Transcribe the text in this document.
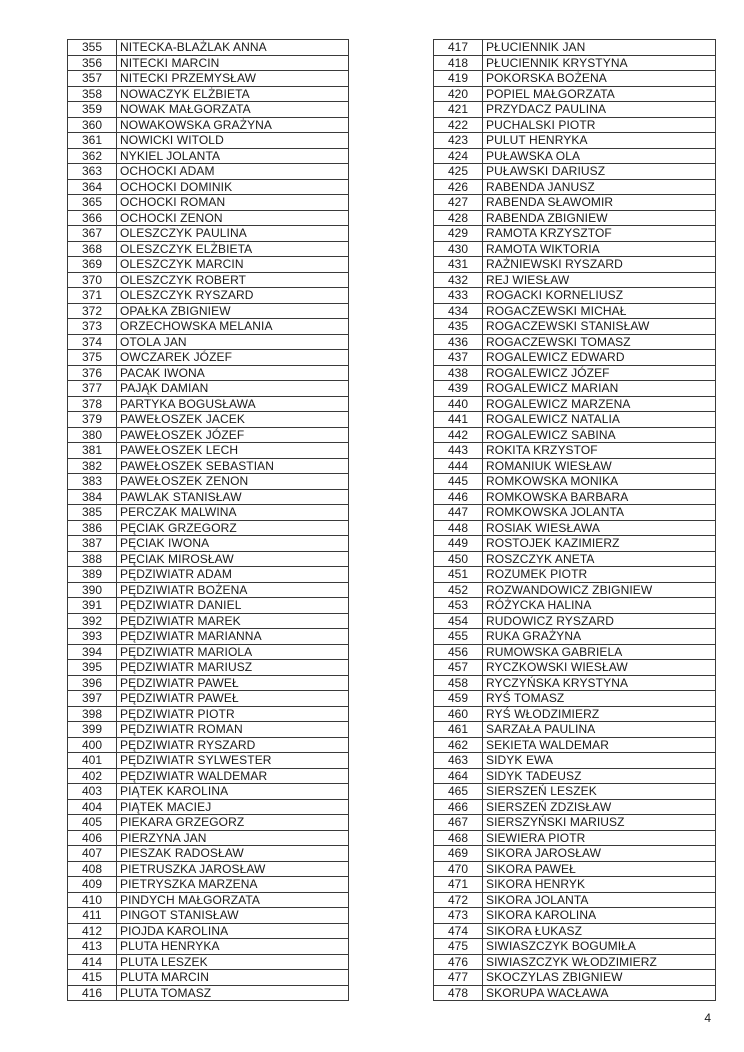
355	NITECKA-BLAŻLAK ANNA
356	NITECKI MARCIN
357	NITECKI PRZEMYSŁAW
358	NOWACZYK ELŻBIETA
359	NOWAK MAŁGORZATA
360	NOWAKOWSKA GRAŻYNA
361	NOWICKI WITOLD
362	NYKIEL JOLANTA
363	OCHOCKI ADAM
364	OCHOCKI DOMINIK
365	OCHOCKI ROMAN
366	OCHOCKI ZENON
367	OLESZCZYK PAULINA
368	OLESZCZYK ELŻBIETA
369	OLESZCZYK MARCIN
370	OLESZCZYK ROBERT
371	OLESZCZYK RYSZARD
372	OPAŁKA ZBIGNIEW
373	ORZECHOWSKA MELANIA
374	OTOLA JAN
375	OWCZAREK JÓZEF
376	PACAK IWONA
377	PAJĄK DAMIAN
378	PARTYKA BOGUSŁAWA
379	PAWEŁOSZEK JACEK
380	PAWEŁOSZEK JÓZEF
381	PAWEŁOSZEK LECH
382	PAWEŁOSZEK SEBASTIAN
383	PAWEŁOSZEK ZENON
384	PAWLAK STANISŁAW
385	PERCZAK MALWINA
386	PĘCIAK GRZEGORZ
387	PĘCIAK IWONA
388	PĘCIAK MIROSŁAW
389	PĘDZIWIATR ADAM
390	PĘDZIWIATR BOŻENA
391	PĘDZIWIATR DANIEL
392	PĘDZIWIATR MAREK
393	PĘDZIWIATR MARIANNA
394	PĘDZIWIATR MARIOLA
395	PĘDZIWIATR MARIUSZ
396	PĘDZIWIATR PAWEŁ
397	PĘDZIWIATR PAWEŁ
398	PĘDZIWIATR PIOTR
399	PĘDZIWIATR ROMAN
400	PĘDZIWIATR RYSZARD
401	PĘDZIWIATR SYLWESTER
402	PĘDZIWIATR WALDEMAR
403	PIĄTEK KAROLINA
404	PIĄTEK MACIEJ
405	PIEKARA GRZEGORZ
406	PIERZYNA JAN
407	PIESZAK RADOSŁAW
408	PIETRUSZKA JAROSŁAW
409	PIETRYSZKA MARZENA
410	PINDYCH MAŁGORZATA
411	PINGOT STANISŁAW
412	PIOJDA KAROLINA
413	PLUTA HENRYKA
414	PLUTA LESZEK
415	PLUTA MARCIN
416	PLUTA TOMASZ
417	PŁUCIENNIK JAN
418	PŁUCIENNIK KRYSTYNA
419	POKORSKA BOŻENA
420	POPIEL MAŁGORZATA
421	PRZYDACZ PAULINA
422	PUCHALSKI PIOTR
423	PULUT HENRYKA
424	PUŁAWSKA OLA
425	PUŁAWSKI DARIUSZ
426	RABENDA JANUSZ
427	RABENDA SŁAWOMIR
428	RABENDA ZBIGNIEW
429	RAMOTA KRZYSZTOF
430	RAMOTA WIKTORIA
431	RAŻNIEWSKI RYSZARD
432	REJ WIESŁAW
433	ROGACKI KORNELIUSZ
434	ROGACZEWSKI MICHAŁ
435	ROGACZEWSKI STANISŁAW
436	ROGACZEWSKI TOMASZ
437	ROGALEWICZ EDWARD
438	ROGALEWICZ JÓZEF
439	ROGALEWICZ MARIAN
440	ROGALEWICZ MARZENA
441	ROGALEWICZ NATALIA
442	ROGALEWICZ SABINA
443	ROKITA KRZYSTOF
444	ROMANIUK WIESŁAW
445	ROMKOWSKA MONIKA
446	ROMKOWSKA BARBARA
447	ROMKOWSKA JOLANTA
448	ROSIAK WIESŁAWA
449	ROSTOJEK KAZIMIERZ
450	ROSZCZYK ANETA
451	ROZUMEK PIOTR
452	ROZWANDOWICZ ZBIGNIEW
453	RÓŻYCKA HALINA
454	RUDOWICZ RYSZARD
455	RUKA GRAŻYNA
456	RUMOWSKA GABRIELA
457	RYCZKOWSKI WIESŁAW
458	RYCZYŃSKA KRYSTYNA
459	RYŚ TOMASZ
460	RYŚ WŁODZIMIERZ
461	SARZAŁA PAULINA
462	SEKIETA WALDEMAR
463	SIDYK EWA
464	SIDYK TADEUSZ
465	SIERSZEŃ LESZEK
466	SIERSZEŃ ZDZISŁAW
467	SIERSZYŃSKI MARIUSZ
468	SIEWIERA PIOTR
469	SIKORA JAROSŁAW
470	SIKORA PAWEŁ
471	SIKORA HENRYK
472	SIKORA JOLANTA
473	SIKORA KAROLINA
474	SIKORA ŁUKASZ
475	SIWIASZCZYK BOGUMIŁA
476	SIWIASZCZYK WŁODZIMIERZ
477	SKOCZYLAS ZBIGNIEW
478	SKORUPA WACŁAWA
4
